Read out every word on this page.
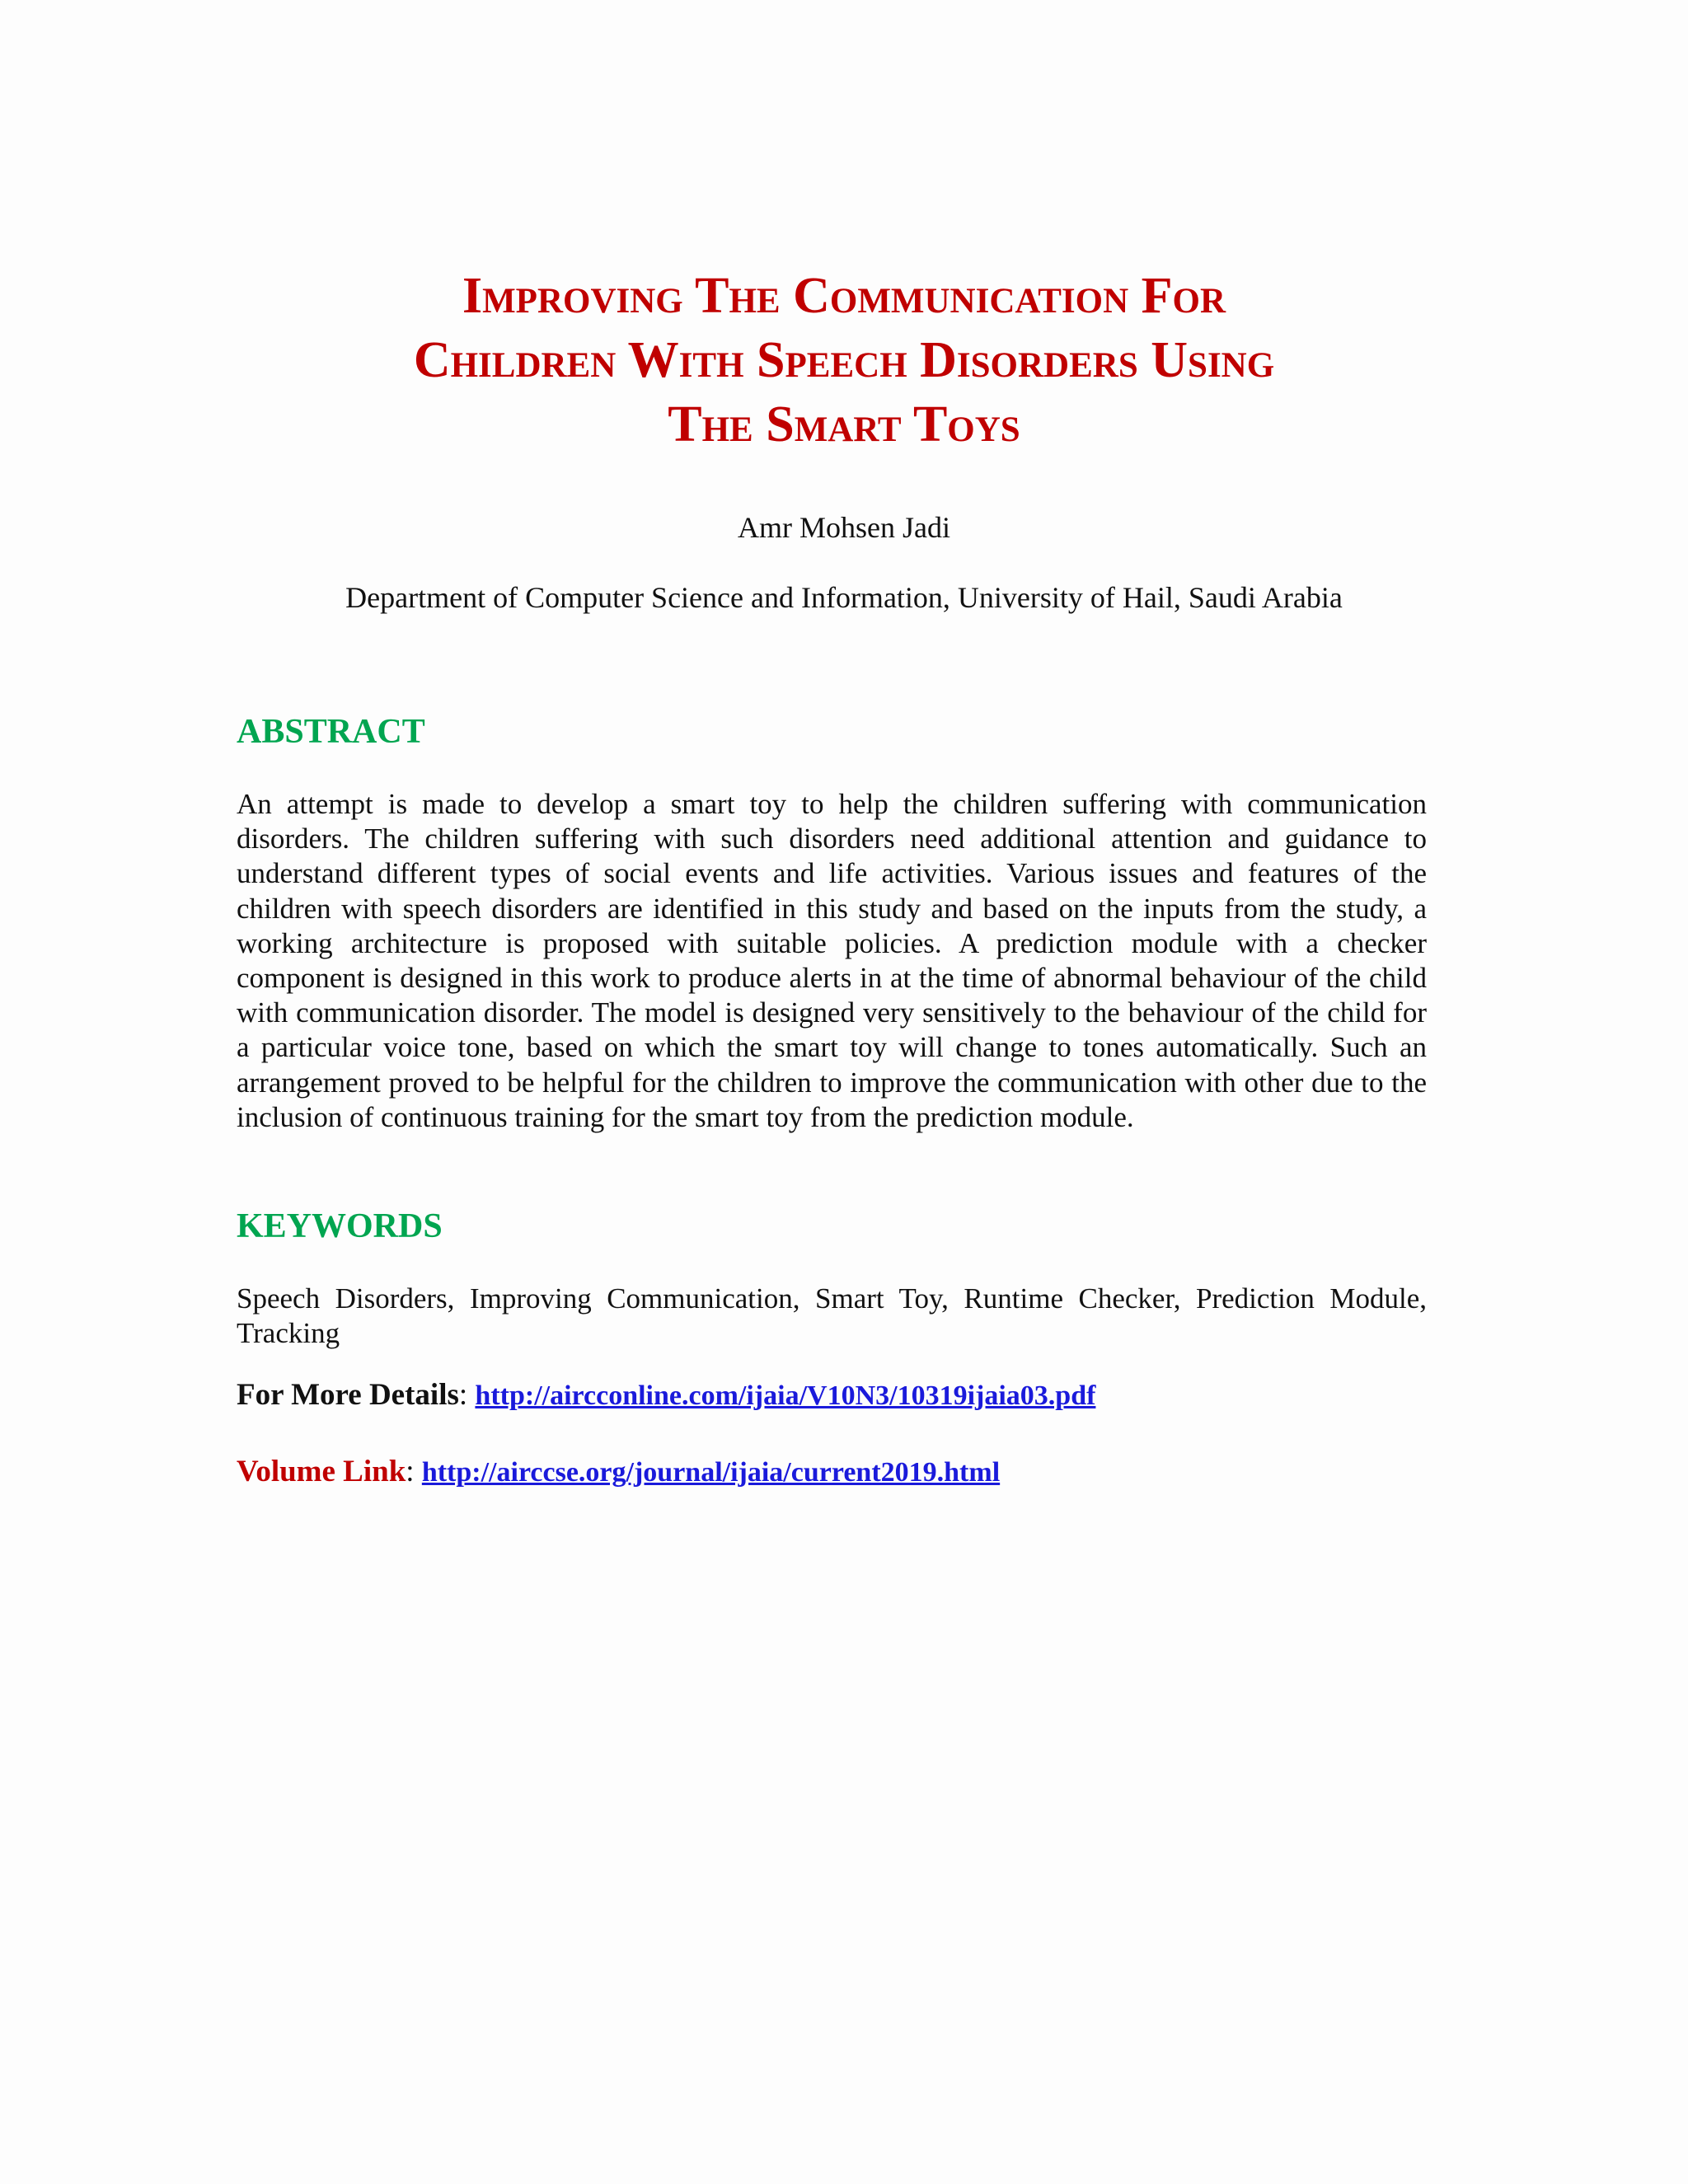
Improving The Communication For
Children With Speech Disorders Using
The Smart Toys
Amr Mohsen Jadi
Department of Computer Science and Information, University of Hail, Saudi Arabia
ABSTRACT

An attempt is made to develop a smart toy to help the children suffering with communication disorders. The children suffering with such disorders need additional attention and guidance to understand different types of social events and life activities. Various issues and features of the children with speech disorders are identified in this study and based on the inputs from the study, a working architecture is proposed with suitable policies. A prediction module with a checker component is designed in this work to produce alerts in at the time of abnormal behaviour of the child with communication disorder. The model is designed very sensitively to the behaviour of the child for a particular voice tone, based on which the smart toy will change to tones automatically. Such an arrangement proved to be helpful for the children to improve the communication with other due to the inclusion of continuous training for the smart toy from the prediction module.

KEYWORDS

Speech Disorders, Improving Communication, Smart Toy, Runtime Checker, Prediction Module, Tracking

For More Details: http://aircconline.com/ijaia/V10N3/10319ijaia03.pdf
Volume Link: http://airccse.org/journal/ijaia/current2019.html
